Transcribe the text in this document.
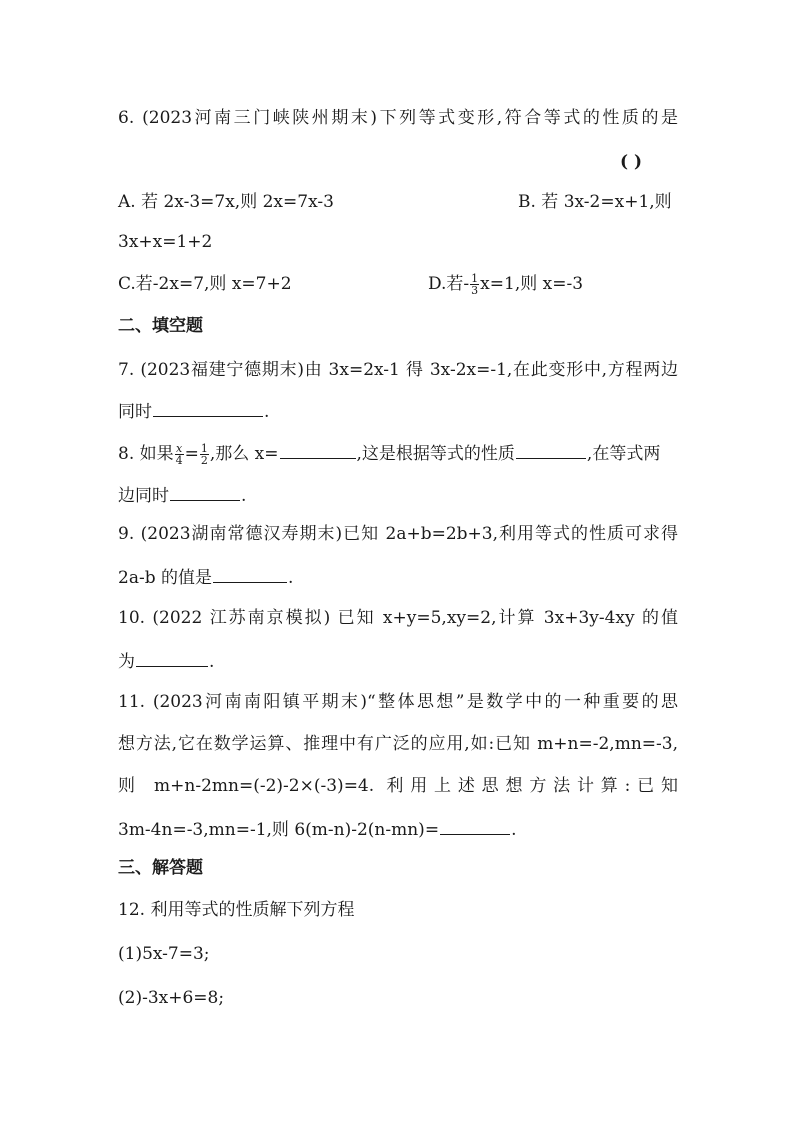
6. (2023河南三门峡陕州期末)下列等式变形,符合等式的性质的是
( )
A. 若 2x-3=7x,则 2x=7x-3	B. 若 3x-2=x+1,则
3x+x=1+2
C.若-2x=7,则 x=7+2	D.若- $\frac{1}{3} x=1$,则 x=-3
二、填空题
7. (2023福建宁德期末)由 3x=2x-1 得 3x-2x=-1,在此变形中,方程两边
同时	.
8. 如果 $\frac{x}{4} = \frac{1}{2}$ ,那么 x=	,这是根据等式的性质	,在等式两
边同时	.
9. (2023湖南常德汉寿期末)已知 2a+b=2b+3,利用等式的性质可求得
2a-b 的值是	.
10. (2022 江苏南京模拟) 已知 x+y=5,xy=2,计算 3x+3y-4xy 的值
为	.
11. (2023河南南阳镇平期末)“整体思想”是数学中的一种重要的思
想方法,它在数学运算、推理中有广泛的应用,如:已知 m+n=-2,mn=-3,
则 m+n-2mn=(-2)-2×(-3)=4. 利用上述思想方法计算:已知
3m-4n=-3,mn=-1,则 6(m-n)-2(n-mn)=	.
三、解答题
12. 利用等式的性质解下列方程
(1)5x-7=3;
(2)-3x+6=8;
